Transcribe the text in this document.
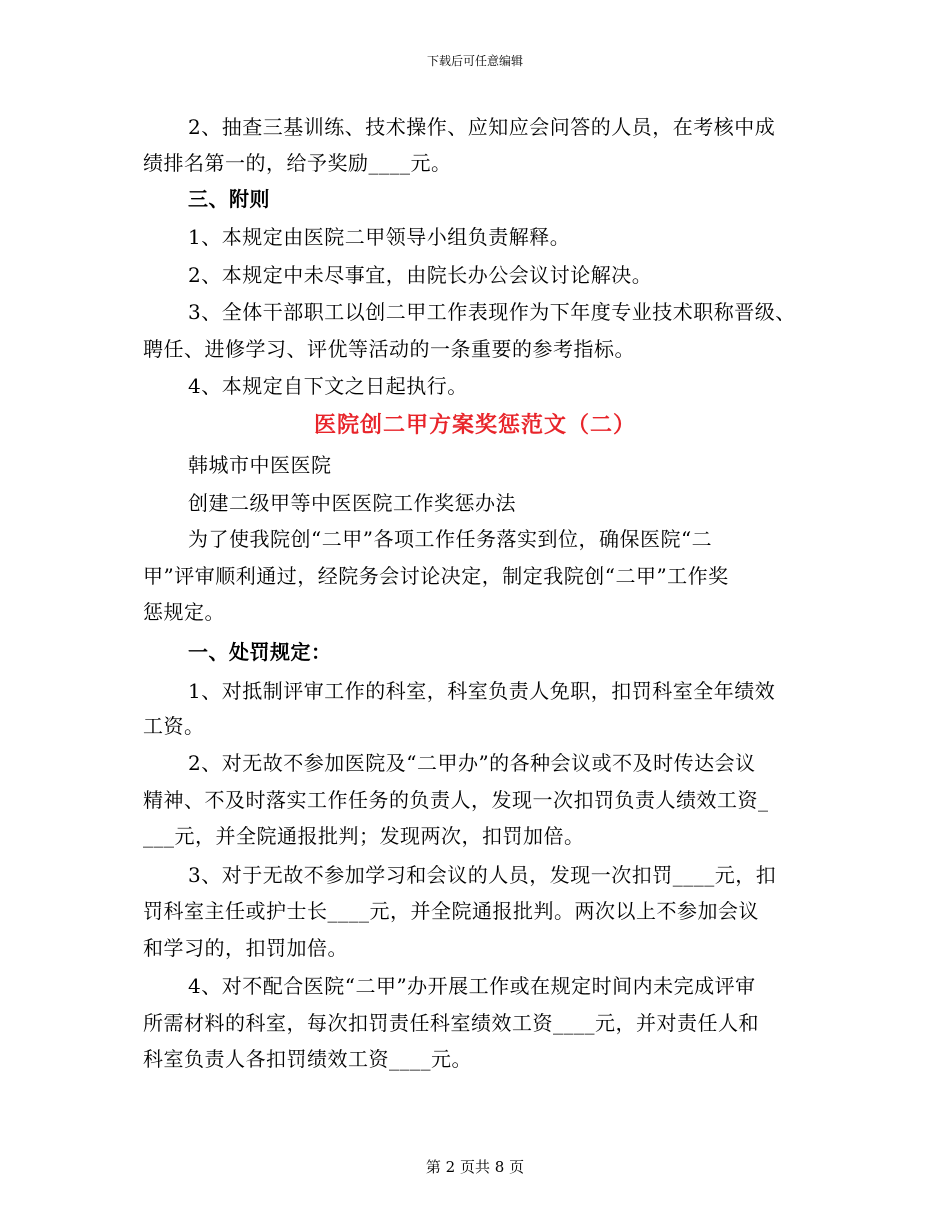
下载后可任意编辑
2、抽查三基训练、技术操作、应知应会问答的人员，在考核中成
绩排名第一的，给予奖励____元。
三、附则
1、本规定由医院二甲领导小组负责解释。
2、本规定中未尽事宜，由院长办公会议讨论解决。
3、全体干部职工以创二甲工作表现作为下年度专业技术职称晋级、
聘任、进修学习、评优等活动的一条重要的参考指标。
4、本规定自下文之日起执行。
医院创二甲方案奖惩范文（二）
韩城市中医医院
创建二级甲等中医医院工作奖惩办法
为了使我院创“二甲”各项工作任务落实到位，确保医院“二
甲”评审顺利通过，经院务会讨论决定，制定我院创“二甲”工作奖
惩规定。
一、处罚规定：
1、对抵制评审工作的科室，科室负责人免职，扣罚科室全年绩效
工资。
2、对无故不参加医院及“二甲办”的各种会议或不及时传达会议
精神、不及时落实工作任务的负责人，发现一次扣罚负责人绩效工资_
___元，并全院通报批判；发现两次，扣罚加倍。
3、对于无故不参加学习和会议的人员，发现一次扣罚____元，扣
罚科室主任或护士长____元，并全院通报批判。两次以上不参加会议
和学习的，扣罚加倍。
4、对不配合医院“二甲”办开展工作或在规定时间内未完成评审
所需材料的科室，每次扣罚责任科室绩效工资____元，并对责任人和
科室负责人各扣罚绩效工资____元。
第 2 页共 8 页
